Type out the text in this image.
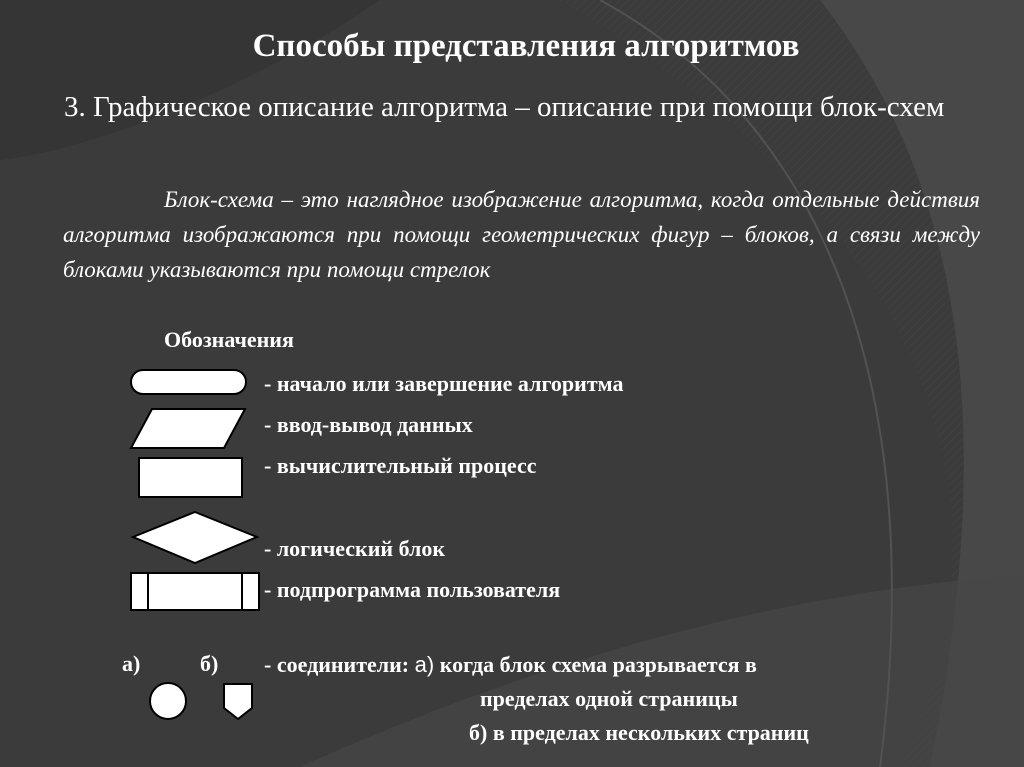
Способы представления алгоритмов
3. Графическое описание алгоритма – описание при помощи блок-схем
Блок-схема – это наглядное изображение алгоритма, когда отдельные действия алгоритма изображаются при помощи геометрических фигур – блоков, а связи между блоками указываются при помощи стрелок
Обозначения
- начало или завершение алгоритма
- ввод-вывод данных
- вычислительный процесс
- логический блок
- подпрограмма пользователя
а)	б) - соединители: а) когда блок схема разрывается в
пределах одной страницы
б) в пределах нескольких страниц
